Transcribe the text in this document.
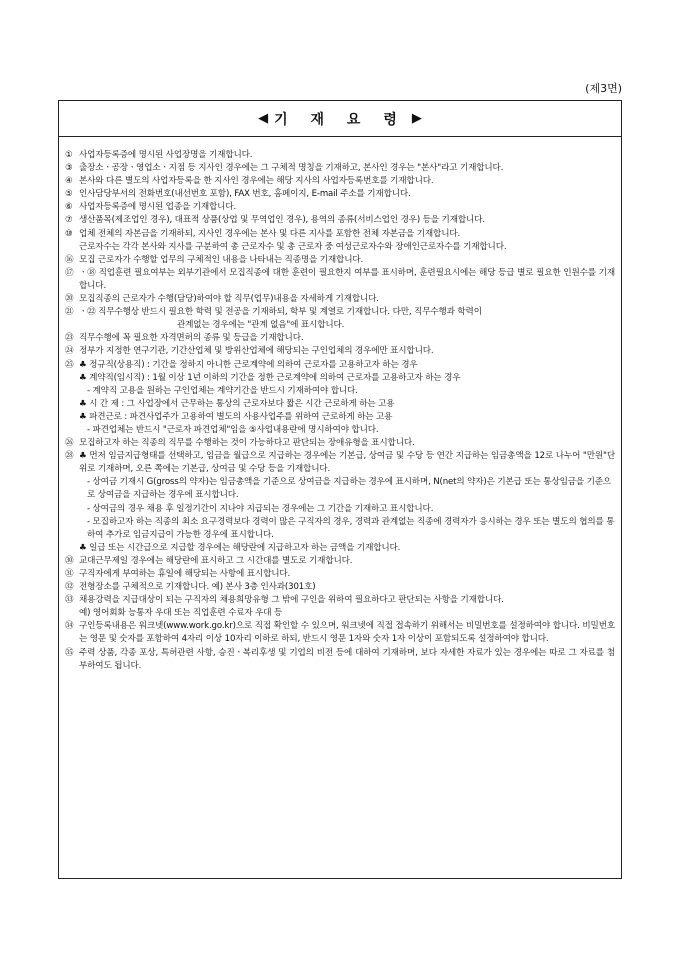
(제3면)
◀ 기 재 요 령 ▶
① 사업자등록증에 명시된 사업장명을 기재합니다.
③ 출장소ㆍ공장ㆍ영업소ㆍ지점 등 지사인 경우에는 그 구체적 명칭을 기재하고, 본사인 경우는 "본사"라고 기재합니다.
④ 본사와 다른 별도의 사업자등록을 한 지사인 경우에는 해당 지사의 사업자등록번호를 기재합니다.
⑤ 인사담당부서의 전화번호(내선번호 포함), FAX 번호, 홈페이지, E-mail 주소를 기재합니다.
⑥ 사업자등록증에 명시된 업종을 기재합니다.
⑦ 생산품목(제조업인 경우), 대표적 상품(상업 및 무역업인 경우), 용역의 종류(서비스업인 경우) 등을 기재합니다.
⑩ 업체 전체의 자본금을 기재하되, 지사인 경우에는 본사 및 다른 지사를 포함한 전체 자본금을 기재합니다.
근로자수는 각각 본사와 지사를 구분하여 총 근로자수 및 총 근로자 중 여성근로자수와 장애인근로자수를 기재합니다.
⑯ 모집 근로자가 수행할 업무의 구체적인 내용을 나타내는 직종명을 기재합니다.
⑰ ㆍ⑱ 직업훈련 필요여부는 외부기관에서 모집직종에 대한 훈련이 필요한지 여부를 표시하며, 훈련필요시에는 해당 등급 별로 필요한 인원수를 기재합니다.
⑳ 모집직종의 근로자가 수행(담당)하여야 할 직무(업무)내용을 자세하게 기재합니다.
㉑ ㆍ㉒ 직무수행상 반드시 필요한 학력 및 전공을 기재하되, 학부 및 계열로 기재합니다. 다만, 직무수행과 학력이
관계없는 경우에는 "관계 없음"에 표시합니다.
㉓ 직무수행에 꼭 필요한 자격면허의 종류 및 등급을 기재합니다.
㉔ 정부가 지정한 연구기관, 기간산업체 및 방위산업체에 해당되는 구인업체의 경우에만 표시합니다.
㉕ ♣ 정규직(상용직) : 기간을 정하지 아니한 근로계약에 의하여 근로자를 고용하고자 하는 경우
♣ 계약직(임시직) : 1월 이상 1년 이하의 기간을 정한 근로계약에 의하여 근로자를 고용하고자 하는 경우
- 계약직 고용을 원하는 구인업체는 계약기간을 반드시 기재하여야 합니다.
♣ 시 간 제 : 그 사업장에서 근무하는 통상의 근로자보다 짧은 시간 근로하게 하는 고용
♣ 파견근로 : 파견사업주가 고용하여 별도의 사용사업주를 위하여 근로하게 하는 고용
- 파견업체는 반드시 "근로자 파견업체"임을 ⑤사업내용란에 명시하여야 합니다.
㉖ 모집하고자 하는 직종의 직무를 수행하는 것이 가능하다고 판단되는 장애유형을 표시합니다.
㉘ ♣ 먼저 임금지급형태를 선택하고, 임금을 월급으로 지급하는 경우에는 기본급, 상여금 및 수당 등 연간 지급하는 임금총액을 12로 나누어 "만원"단위로 기재하며, 오른 쪽에는 기본급, 상여금 및 수당 등을 기재합니다.
- 상여금 기재시 G(gross의 약자)는 임금총액을 기준으로 상여금을 지급하는 경우에 표시하며, N(net의 약자)은 기본급 또는 통상임금을 기준으로 상여금을 지급하는 경우에 표시합니다.
- 상여금의 경우 채용 후 일정기간이 지나야 지급되는 경우에는 그 기간을 기재하고 표시합니다.
- 모집하고자 하는 직종의 최소 요구경력보다 경력이 많은 구직자의 경우, 경력과 관계없는 직종에 경력자가 응시하는 경우 또는 별도의 협의를 통하여 추가로 임금지급이 가능한 경우에 표시합니다.
♣ 일급 또는 시간급으로 지급할 경우에는 해당란에 지급하고자 하는 금액을 기재합니다.
㉚ 교대근무제일 경우에는 해당란에 표시하고 그 시간대를 별도로 기재합니다.
㉛ 구직자에게 부여하는 휴일에 해당되는 사항에 표시합니다.
㉜ 전형장소를 구체적으로 기재합니다. 예) 본사 3층 인사과(301호)
㉝ 채용강력을 지급대상이 되는 구직자의 채용희망유형 그 밖에 구인을 위하여 필요하다고 판단되는 사항을 기재합니다.
예) 영어회화 능통자 우대 또는 직업훈련 수료자 우대 등
㉞ 구인등록내용은 워크넷(www.work.go.kr)으로 직접 확인할 수 있으며, 워크넷에 직접 접속하기 위해서는 비밀번호를 설정하여야 합니다. 비밀번호는 영문 및 숫자를 포함하여 4자리 이상 10자리 이하로 하되, 반드시 영문 1자와 숫자 1자 이상이 포함되도록 설정하여야 합니다.
㉟ 주력 상품, 각종 포상, 특허관련 사항, 승진ㆍ복리후생 및 기업의 비전 등에 대하여 기재하며, 보다 자세한 자료가 있는 경우에는 따로 그 자료를 첨부하여도 됩니다.
